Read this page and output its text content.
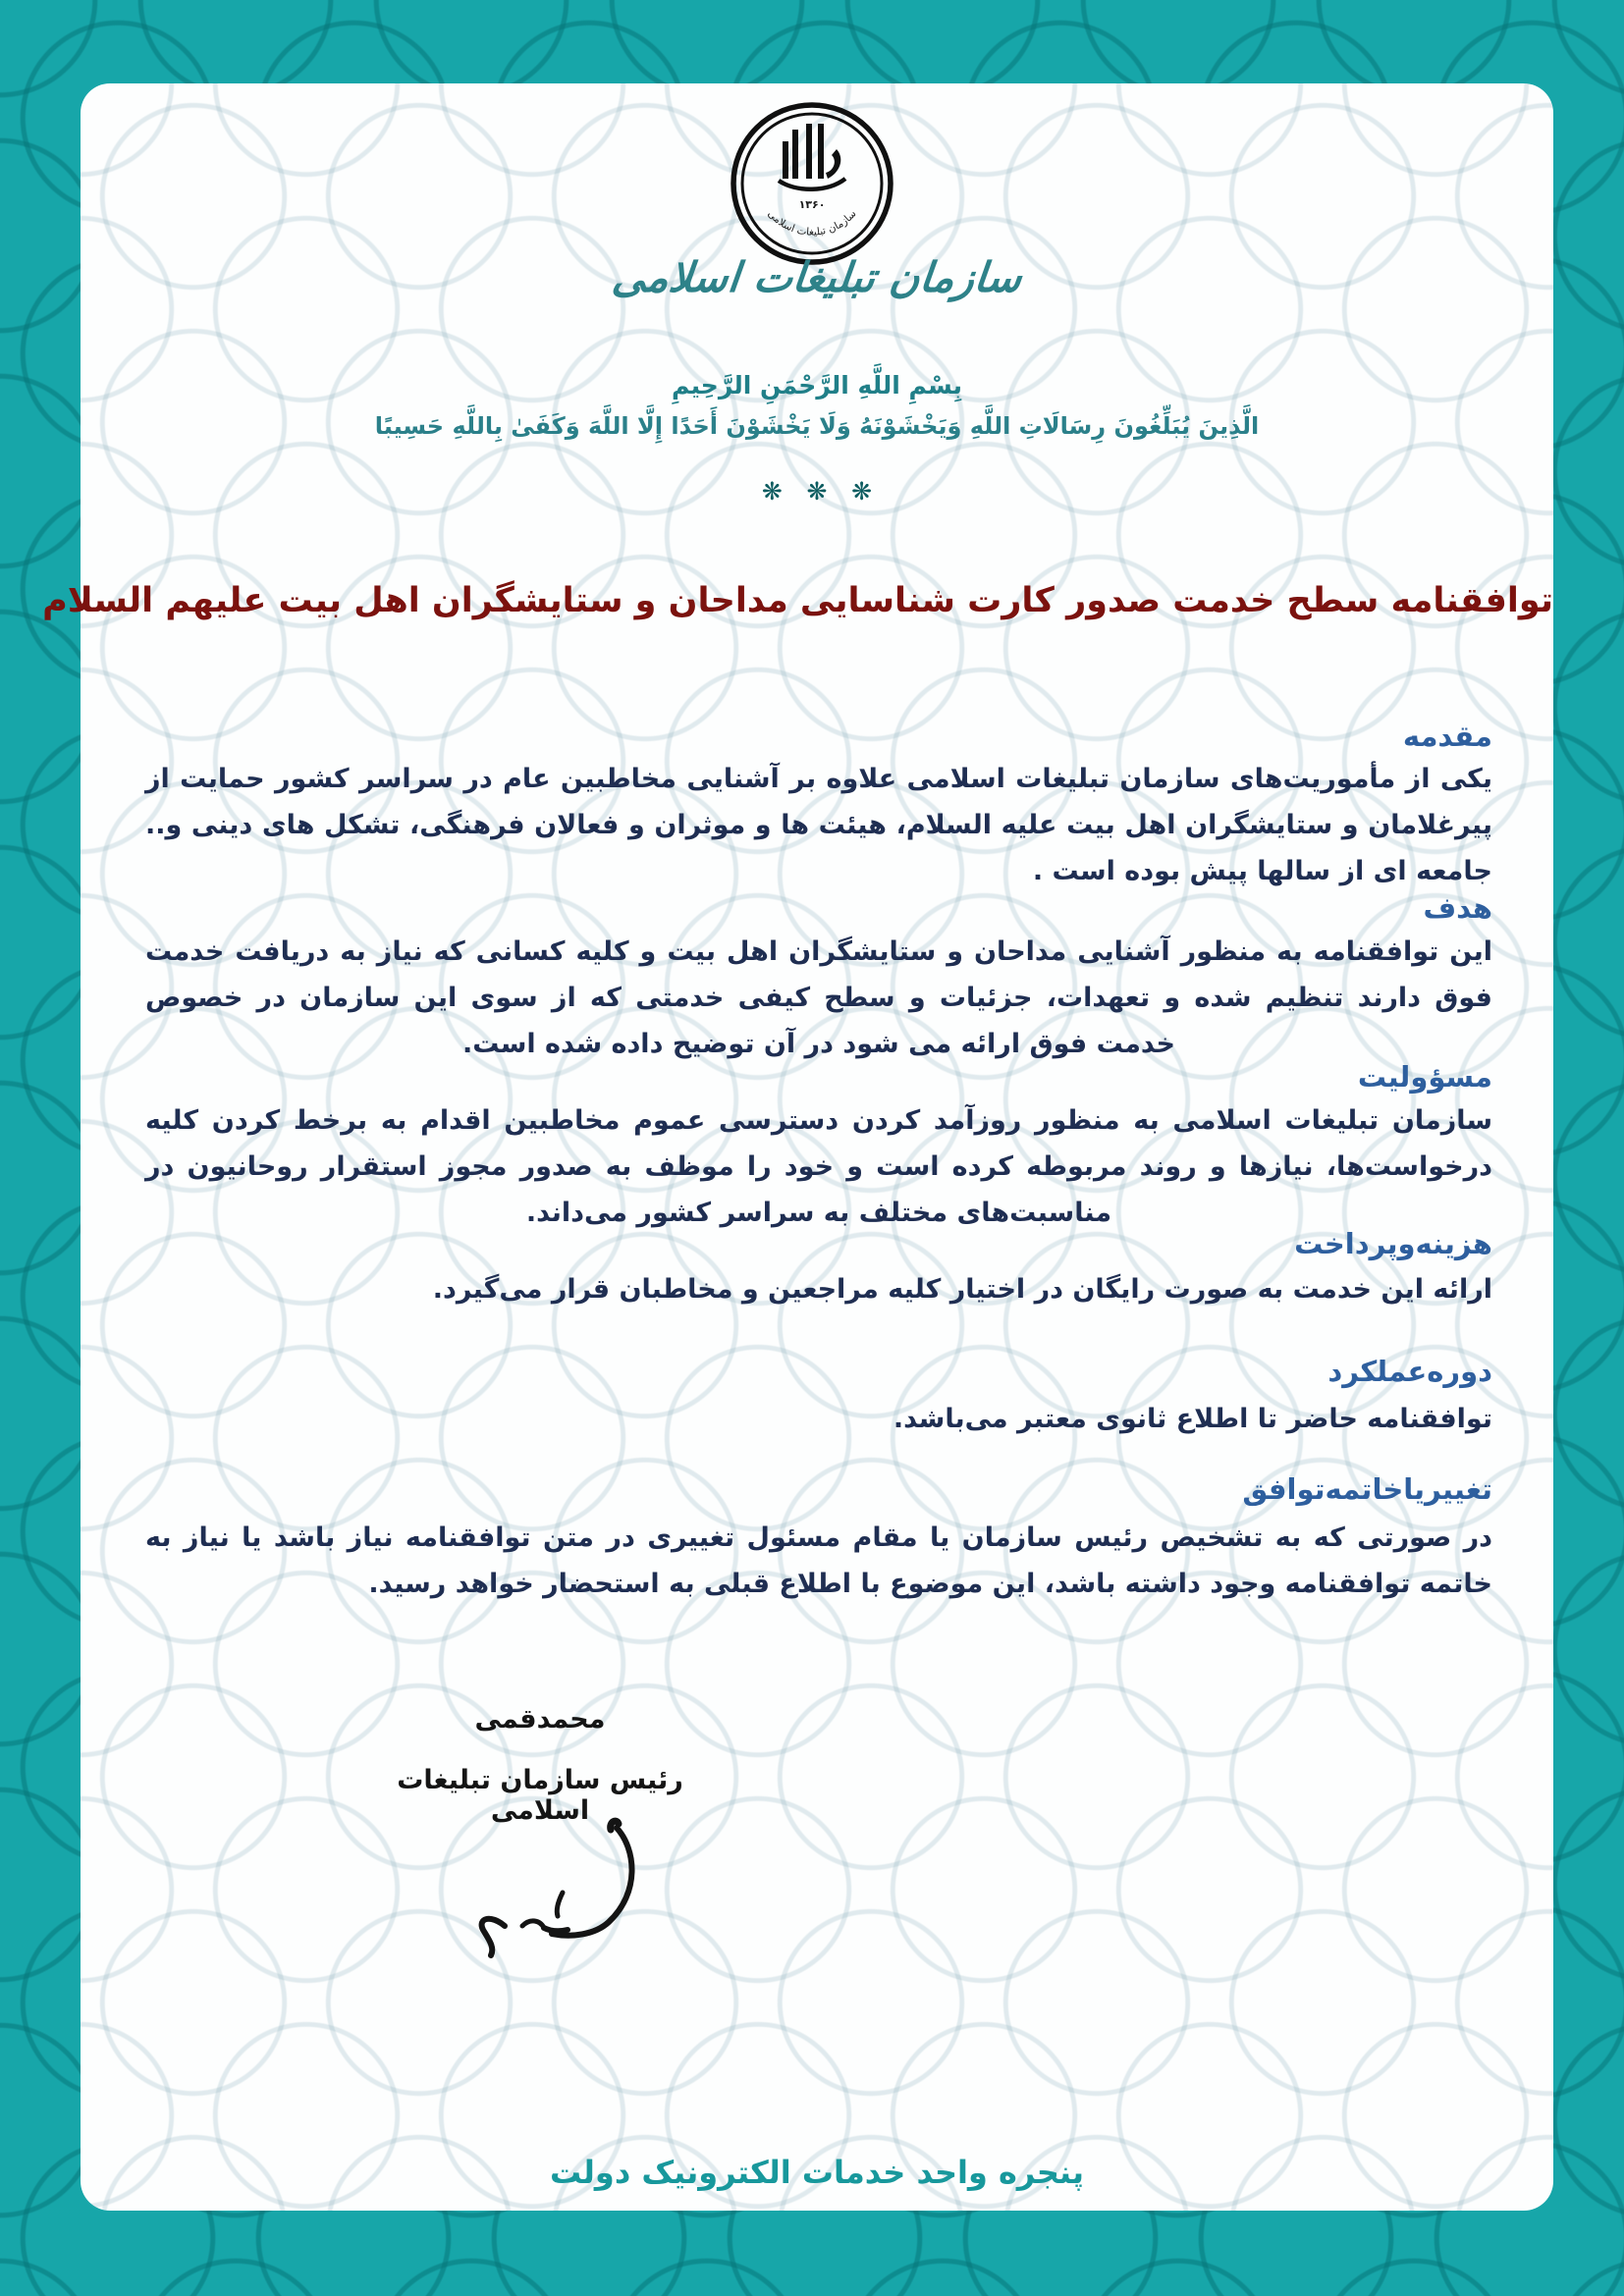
۱۳۶۰
سازمان تبلیغات اسلامی
سازمان تبلیغات اسلامی
بِسْمِ اللَّهِ الرَّحْمَنِ الرَّحِيمِ
الَّذِينَ يُبَلِّغُونَ رِسَالَاتِ اللَّهِ وَيَخْشَوْنَهُ وَلَا يَخْشَوْنَ أَحَدًا إِلَّا اللَّهَ وَكَفَىٰ بِاللَّهِ حَسِيبًا
❋ ❋ ❋
توافقنامه سطح خدمت صدور کارت شناسایی مداحان و ستایشگران اهل بیت علیهم السلام
مقدمه
یکی از مأموریت‌های سازمان تبلیغات اسلامی علاوه بر آشنایی مخاطبین عام در سراسر کشور حمایت از پیرغلامان و ستایشگران اهل بیت علیه السلام، هیئت ها و موثران و فعالان فرهنگی، تشکل های دینی و.. جامعه ای از سالها پیش بوده است .
هدف
این توافقنامه به منظور آشنایی مداحان و ستایشگران اهل بیت و کلیه کسانی که نیاز به دریافت خدمت فوق دارند تنظیم شده و تعهدات، جزئیات و سطح کیفی خدمتی که از سوی این سازمان در خصوص خدمت فوق ارائه می شود در آن توضیح داده شده است.
مسؤولیت
سازمان تبلیغات اسلامی به منظور روزآمد کردن دسترسی عموم مخاطبین اقدام به برخط کردن کلیه درخواست‌ها، نیازها و روند مربوطه کرده است و خود را موظف به صدور مجوز استقرار روحانیون در مناسبت‌های مختلف به سراسر کشور می‌داند.
هزینه‌وپرداخت
ارائه این خدمت به صورت رایگان در اختیار کلیه مراجعین و مخاطبان قرار می‌گیرد.
دوره‌عملکرد
توافقنامه حاضر تا اطلاع ثانوی معتبر می‌باشد.
تغییریاخاتمه‌توافق
در صورتی که به تشخیص رئیس سازمان یا مقام مسئول تغییری در متن توافقنامه نیاز باشد یا نیاز به خاتمه توافقنامه وجود داشته باشد، این موضوع با اطلاع قبلی به استحضار خواهد رسید.
محمدقمی
رئیس سازمان تبلیغات اسلامی
پنجره واحد خدمات الکترونیک دولت
